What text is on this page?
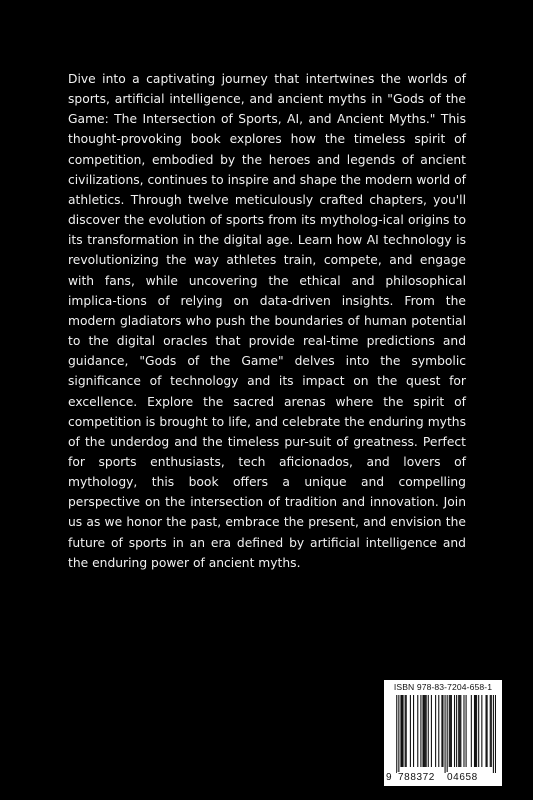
Dive into a captivating journey that intertwines the worlds of sports, artificial intelligence, and ancient myths in "Gods of the Game: The Intersection of Sports, AI, and Ancient Myths." This thought-provoking book explores how the timeless spirit of competition, embodied by the heroes and legends of ancient civilizations, continues to inspire and shape the modern world of athletics. Through twelve meticulously crafted chapters, you'll discover the evolution of sports from its mytholog-ical origins to its transformation in the digital age. Learn how AI technology is revolutionizing the way athletes train, compete, and engage with fans, while uncovering the ethical and philosophical implica-tions of relying on data-driven insights. From the modern gladiators who push the boundaries of human potential to the digital oracles that provide real-time predictions and guidance, "Gods of the Game" delves into the symbolic significance of technology and its impact on the quest for excellence. Explore the sacred arenas where the spirit of competition is brought to life, and celebrate the enduring myths of the underdog and the timeless pur-suit of greatness. Perfect for sports enthusiasts, tech aficionados, and lovers of mythology, this book offers a unique and compelling perspective on the intersection of tradition and innovation. Join us as we honor the past, embrace the present, and envision the future of sports in an era defined by artificial intelligence and the enduring power of ancient myths.

ISBN 978-83-7204-658-1
9 788372 04658
